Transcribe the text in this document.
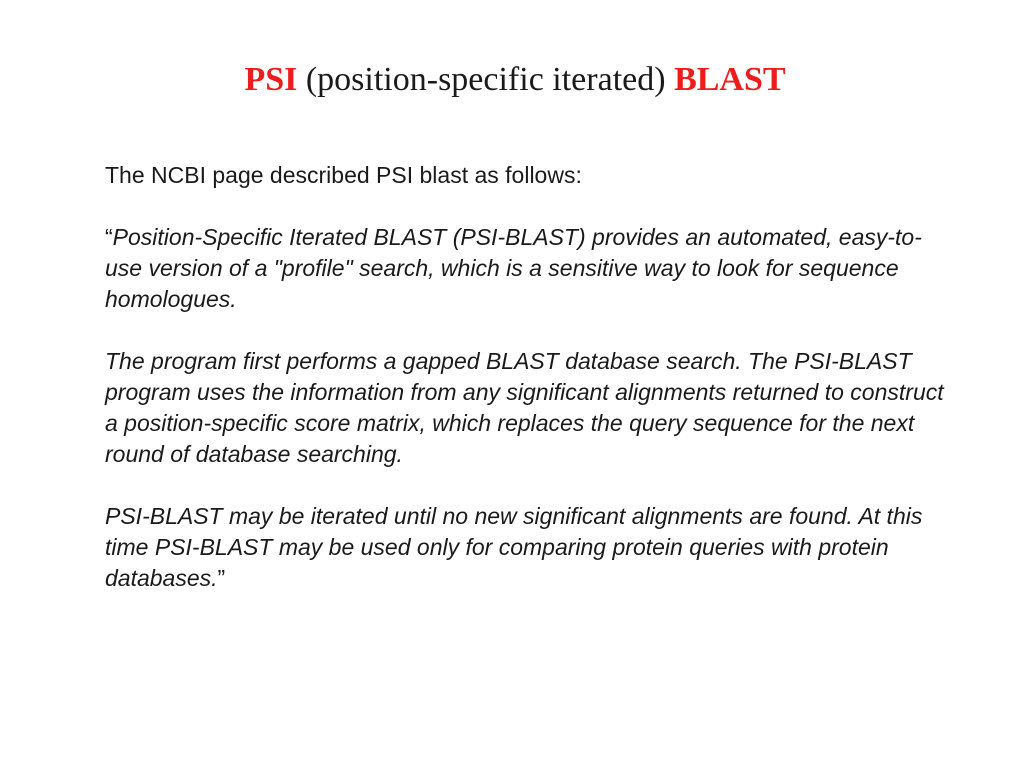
PSI (position-specific iterated) BLAST

The NCBI page described PSI blast as follows:

“Position-Specific Iterated BLAST (PSI-BLAST) provides an automated, easy-to-use version of a "profile" search, which is a sensitive way to look for sequence homologues.

The program first performs a gapped BLAST database search. The PSI-BLAST program uses the information from any significant alignments returned to construct a position-specific score matrix, which replaces the query sequence for the next round of database searching.

PSI-BLAST may be iterated until no new significant alignments are found. At this time PSI-BLAST may be used only for comparing protein queries with protein databases.”
